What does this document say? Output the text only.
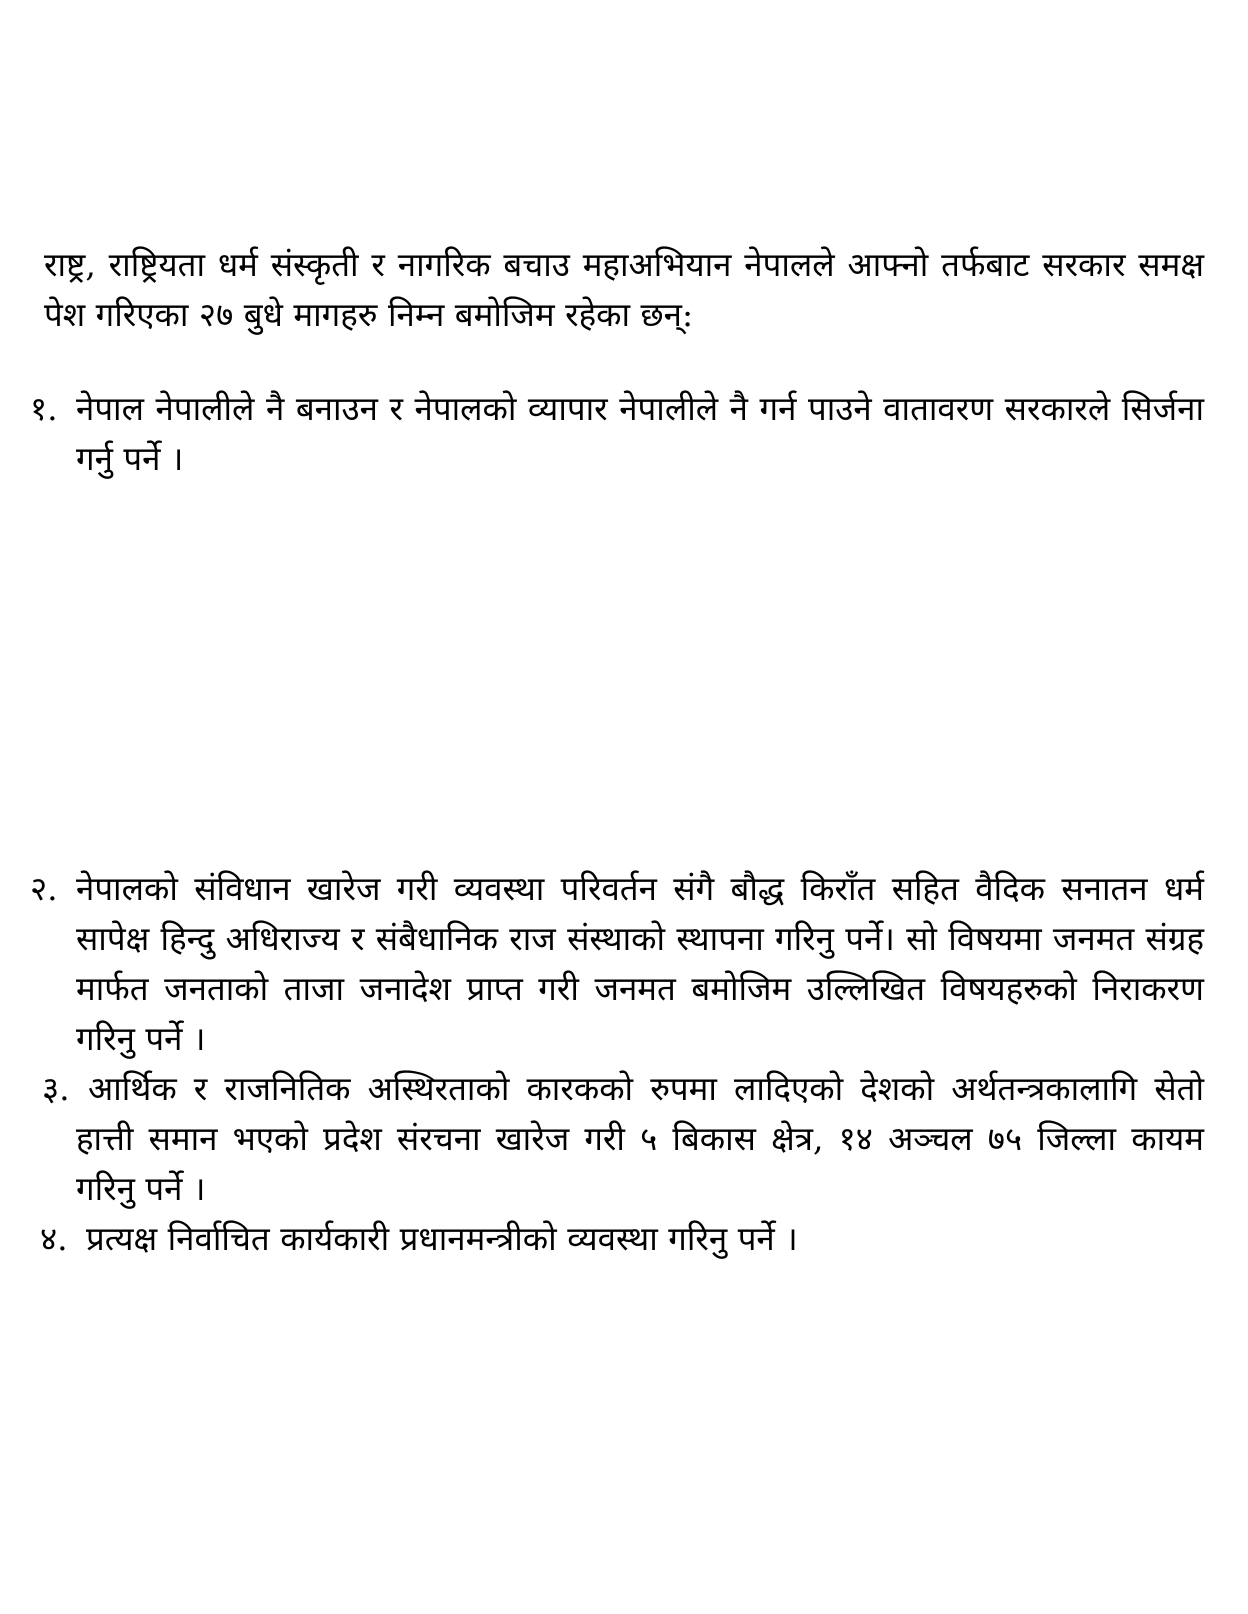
राष्ट्र, राष्ट्रियता धर्म संस्कृती र नागरिक बचाउ महाअभियान नेपालले आफ्नो तर्फबाट सरकार समक्ष पेश गरिएका २७ बुधे मागहरु निम्न बमोजिम रहेका छन्:

१. नेपाल नेपालीले नै बनाउन र नेपालको व्यापार नेपालीले नै गर्न पाउने वातावरण सरकारले सिर्जना गर्नु पर्ने ।
२. नेपालको संविधान खारेज गरी व्यवस्था परिवर्तन संगै बौद्ध किराँत सहित वैदिक सनातन धर्म सापेक्ष हिन्दु अधिराज्य र संबैधानिक राज संस्थाको स्थापना गरिनु पर्ने। सो विषयमा जनमत संग्रह मार्फत जनताको ताजा जनादेश प्राप्त गरी जनमत बमोजिम उल्लिखित विषयहरुको निराकरण गरिनु पर्ने ।
३. आर्थिक र राजनितिक अस्थिरताको कारकको रुपमा लादिएको देशको अर्थतन्त्रकालागि सेतो हात्ती समान भएको प्रदेश संरचना खारेज गरी ५ बिकास क्षेत्र, १४ अञ्चल ७५ जिल्ला कायम गरिनु पर्ने ।
४. प्रत्यक्ष निर्वाचित कार्यकारी प्रधानमन्त्रीको व्यवस्था गरिनु पर्ने ।
